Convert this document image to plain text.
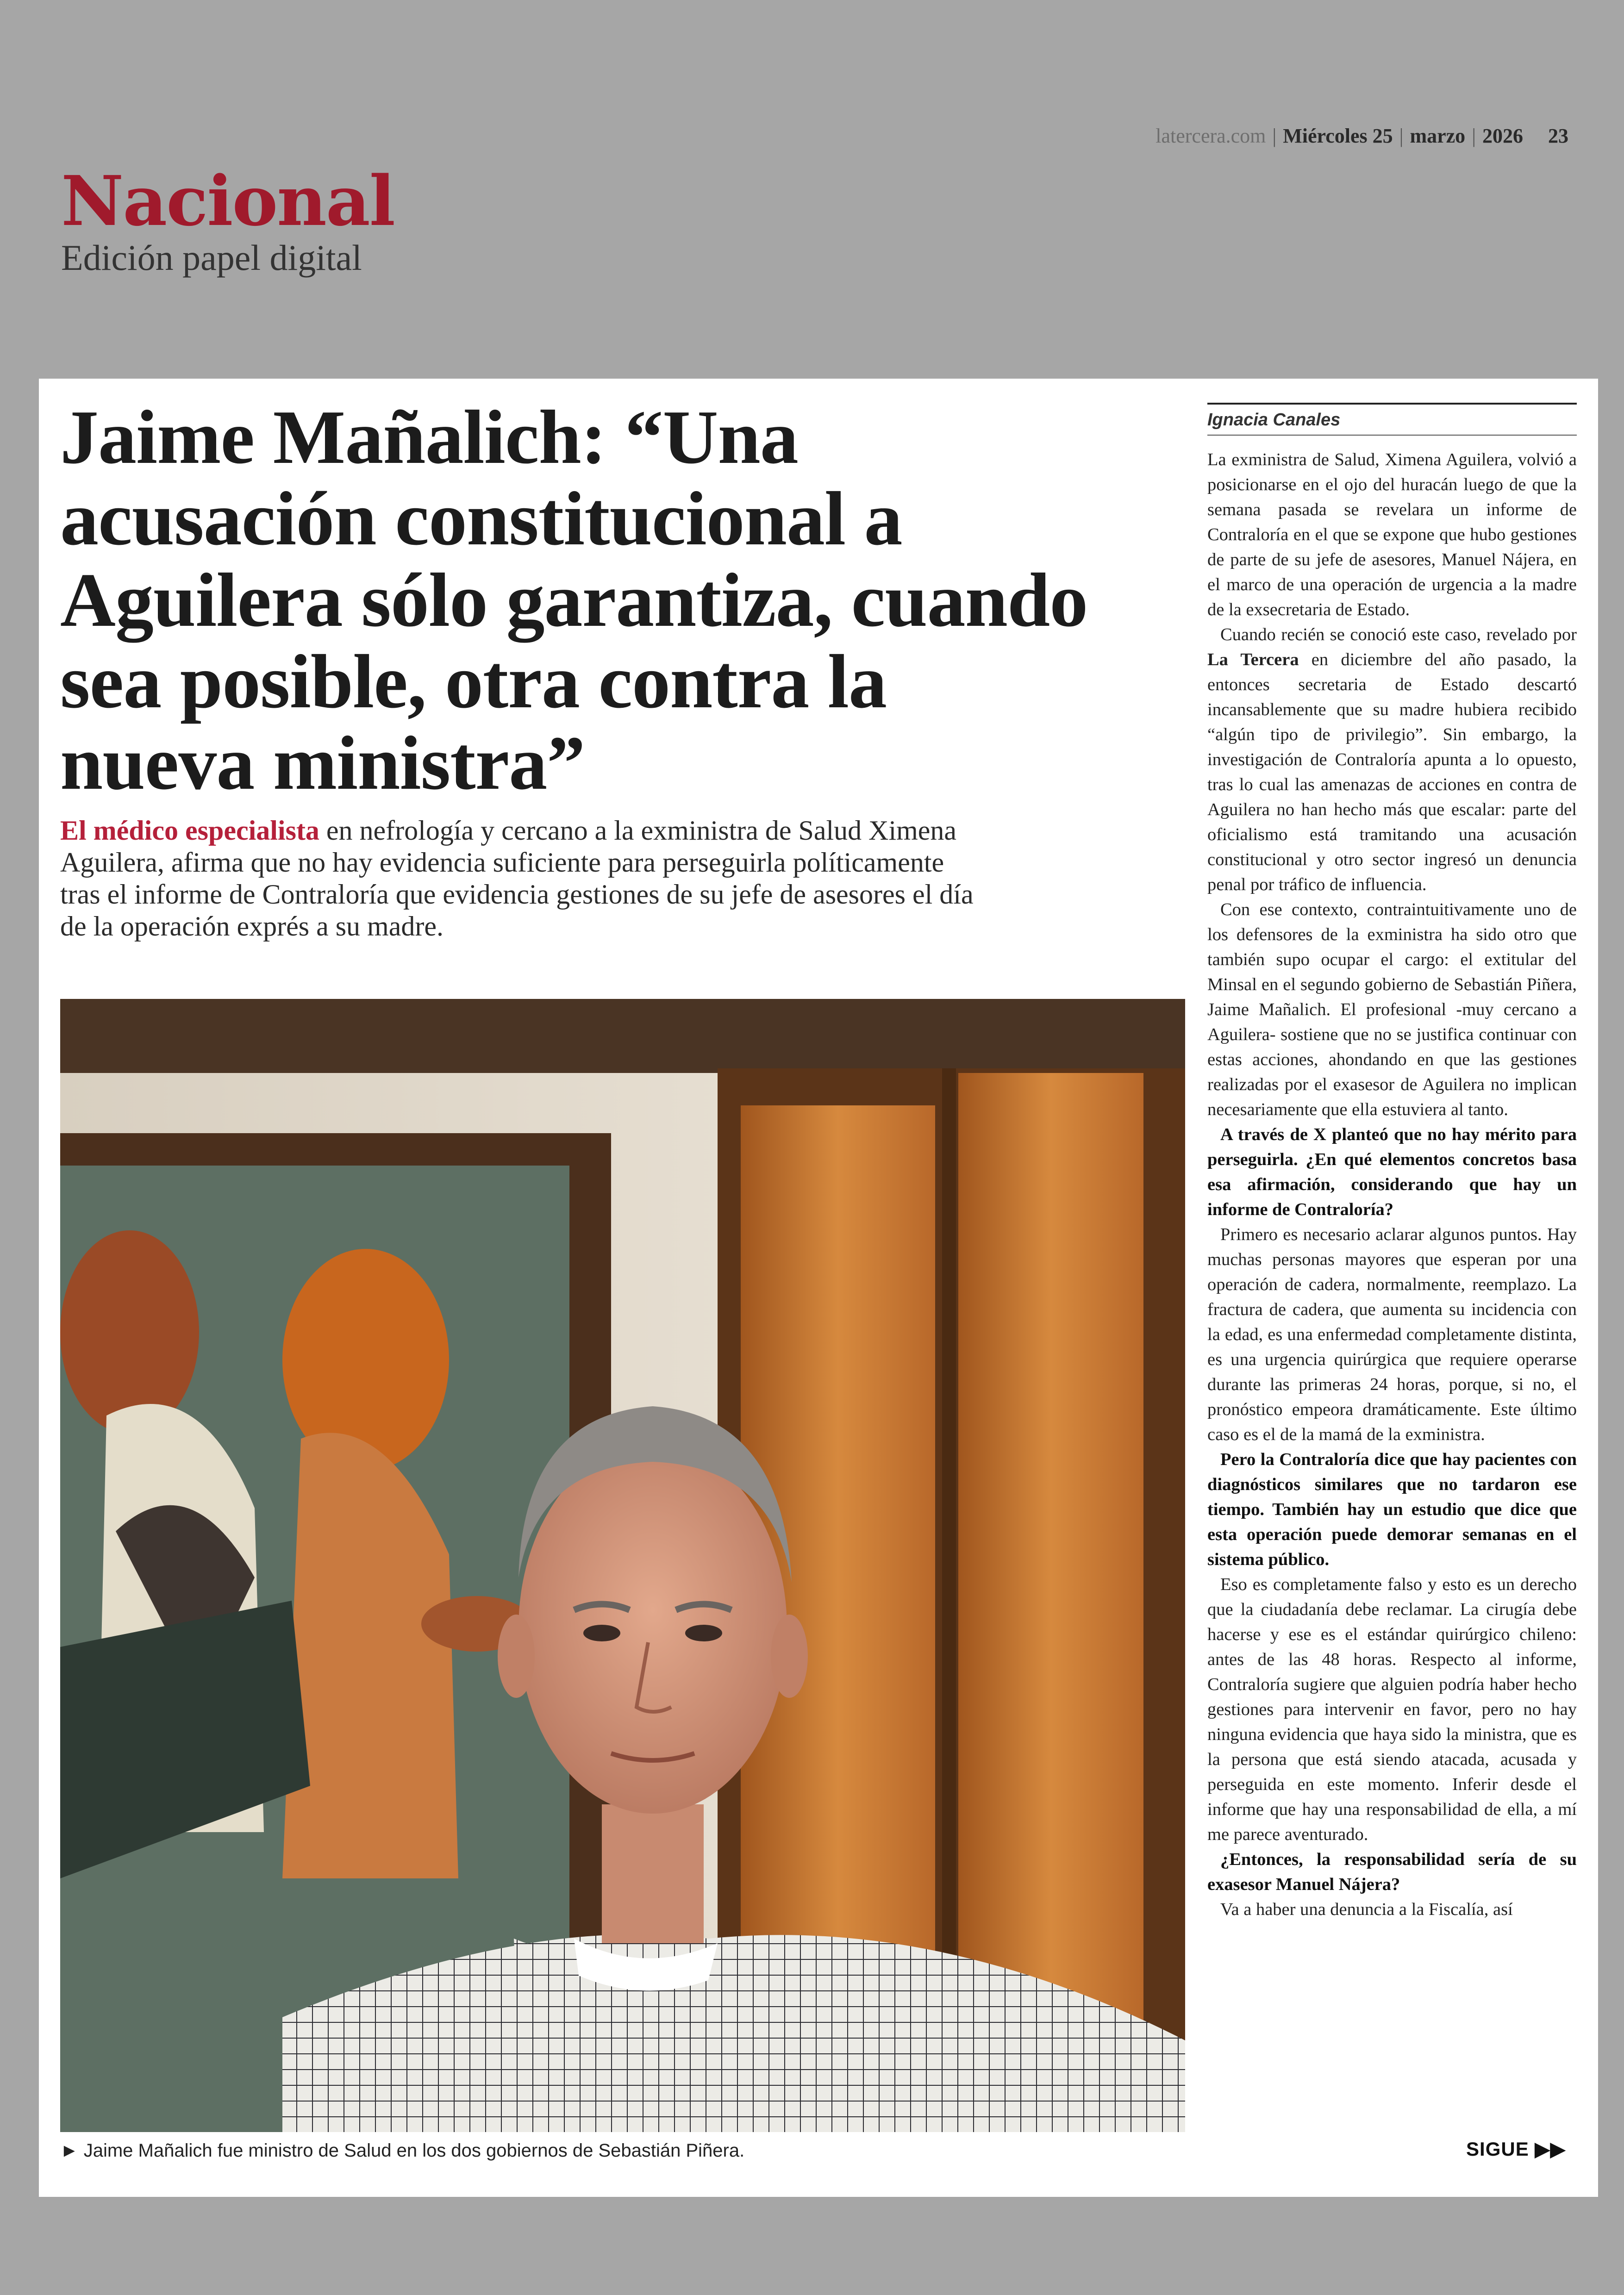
latercera.com | Miércoles 25 | marzo | 2026 23
Nacional
Edición papel digital
Jaime Mañalich: “Una acusación constitucional a Aguilera sólo garantiza, cuando sea posible, otra contra la nueva ministra”

El médico especialista en nefrología y cercano a la exministra de Salud Ximena Aguilera, afirma que no hay evidencia suficiente para perseguirla políticamente tras el informe de Contraloría que evidencia gestiones de su jefe de asesores el día de la operación exprés a su madre.

► Jaime Mañalich fue ministro de Salud en los dos gobiernos de Sebastián Piñera.
Ignacia Canales

La exministra de Salud, Ximena Aguilera, volvió a posicionarse en el ojo del huracán luego de que la semana pasada se revelara un informe de Contraloría en el que se expone que hubo gestiones de parte de su jefe de asesores, Manuel Nájera, en el marco de una operación de urgencia a la madre de la exsecretaria de Estado.

Cuando recién se conoció este caso, revelado por La Tercera en diciembre del año pasado, la entonces secretaria de Estado descartó incansablemente que su madre hubiera recibido “algún tipo de privilegio”. Sin embargo, la investigación de Contraloría apunta a lo opuesto, tras lo cual las amenazas de acciones en contra de Aguilera no han hecho más que escalar: parte del oficialismo está tramitando una acusación constitucional y otro sector ingresó un denuncia penal por tráfico de influencia.

Con ese contexto, contraintuitivamente uno de los defensores de la exministra ha sido otro que también supo ocupar el cargo: el extitular del Minsal en el segundo gobierno de Sebastián Piñera, Jaime Mañalich. El profesional -muy cercano a Aguilera- sostiene que no se justifica continuar con estas acciones, ahondando en que las gestiones realizadas por el exasesor de Aguilera no implican necesariamente que ella estuviera al tanto.

A través de X planteó que no hay mérito para perseguirla. ¿En qué elementos concretos basa esa afirmación, considerando que hay un informe de Contraloría?

Primero es necesario aclarar algunos puntos. Hay muchas personas mayores que esperan por una operación de cadera, normalmente, reemplazo. La fractura de cadera, que aumenta su incidencia con la edad, es una enfermedad completamente distinta, es una urgencia quirúrgica que requiere operarse durante las primeras 24 horas, porque, si no, el pronóstico empeora dramáticamente. Este último caso es el de la mamá de la exministra.

Pero la Contraloría dice que hay pacientes con diagnósticos similares que no tardaron ese tiempo. También hay un estudio que dice que esta operación puede demorar semanas en el sistema público.

Eso es completamente falso y esto es un derecho que la ciudadanía debe reclamar. La cirugía debe hacerse y ese es el estándar quirúrgico chileno: antes de las 48 horas. Respecto al informe, Contraloría sugiere que alguien podría haber hecho gestiones para intervenir en favor, pero no hay ninguna evidencia que haya sido la ministra, que es la persona que está siendo atacada, acusada y perseguida en este momento. Inferir desde el informe que hay una responsabilidad de ella, a mí me parece aventurado.

¿Entonces, la responsabilidad sería de su exasesor Manuel Nájera?

Va a haber una denuncia a la Fiscalía, así

SIGUE ▶▶
